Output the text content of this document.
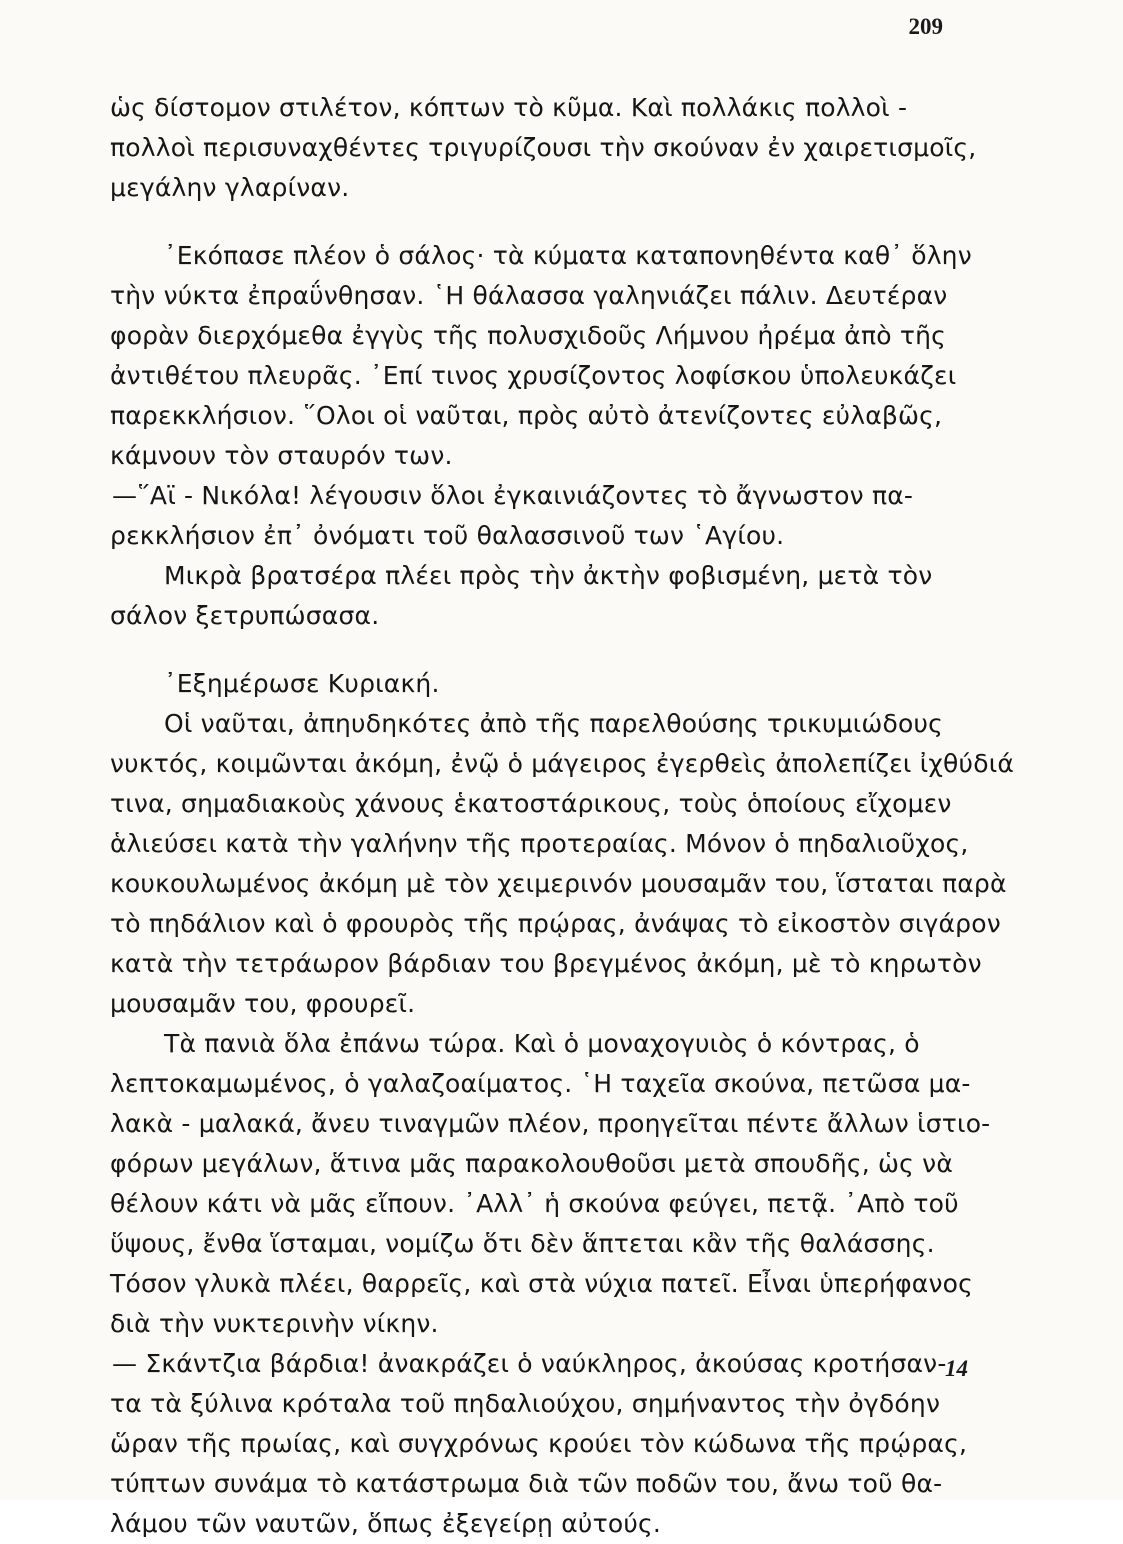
209
ὡς δίστομον στιλέτον, κόπτων τὸ κῦμα. Καὶ πολλάκις πολλοὶ -
πολλοὶ περισυναχθέντες τριγυρίζουσι τὴν σκούναν ἐν χαιρετισμοῖς,
μεγάλην γλαρίναν.
᾿Εκόπασε πλέον ὁ σάλος· τὰ κύματα καταπονηθέντα καθ᾿ ὅλην
τὴν νύκτα ἐπραΰνθησαν. ῾Η θάλασσα γαληνιάζει πάλιν. Δευτέραν
φορὰν διερχόμεθα ἐγγὺς τῆς πολυσχιδοῦς Λήμνου ἠρέμα ἀπὸ τῆς
ἀντιθέτου πλευρᾶς. ᾿Επί τινος χρυσίζοντος λοφίσκου ὑπολευκάζει
παρεκκλήσιον. ῞Ολοι οἱ ναῦται, πρὸς αὐτὸ ἀτενίζοντες εὐλαβῶς,
κάμνουν τὸν σταυρόν των.
—῞Αϊ - Νικόλα! λέγουσιν ὅλοι ἐγκαινιάζοντες τὸ ἄγνωστον πα-
ρεκκλήσιον ἐπ᾿ ὀνόματι τοῦ θαλασσινοῦ των ῾Αγίου.
Μικρὰ βρατσέρα πλέει πρὸς τὴν ἀκτὴν φοβισμένη, μετὰ τὸν
σάλον ξετρυπώσασα.
᾿Εξημέρωσε Κυριακή.
Οἱ ναῦται, ἀπηυδηκότες ἀπὸ τῆς παρελθούσης τρικυμιώδους
νυκτός, κοιμῶνται ἀκόμη, ἐνῷ ὁ μάγειρος ἐγερθεὶς ἀπολεπίζει ἰχθύδιά
τινα, σημαδιακοὺς χάνους ἑκατοστάρικους, τοὺς ὁποίους εἴχομεν
ἁλιεύσει κατὰ τὴν γαλήνην τῆς προτεραίας. Μόνον ὁ πηδαλιοῦχος,
κουκουλωμένος ἀκόμη μὲ τὸν χειμερινόν μουσαμᾶν του, ἵσταται παρὰ
τὸ πηδάλιον καὶ ὁ φρουρὸς τῆς πρῴρας, ἀνάψας τὸ εἰκοστὸν σιγάρον
κατὰ τὴν τετράωρον βάρδιαν του βρεγμένος ἀκόμη, μὲ τὸ κηρωτὸν
μουσαμᾶν του, φρουρεῖ.
Τὰ πανιὰ ὅλα ἐπάνω τώρα. Καὶ ὁ μοναχογυιὸς ὁ κόντρας, ὁ
λεπτοκαμωμένος, ὁ γαλαζοαίματος. ῾Η ταχεῖα σκούνα, πετῶσα μα-
λακὰ - μαλακά, ἄνευ τιναγμῶν πλέον, προηγεῖται πέντε ἄλλων ἱστιο-
φόρων μεγάλων, ἅτινα μᾶς παρακολουθοῦσι μετὰ σπουδῆς, ὡς νὰ
θέλουν κάτι νὰ μᾶς εἴπουν. ᾿Αλλ᾿ ἡ σκούνα φεύγει, πετᾷ. ᾿Απὸ τοῦ
ὕψους, ἔνθα ἵσταμαι, νομίζω ὅτι δὲν ἅπτεται κἂν τῆς θαλάσσης.
Τόσον γλυκὰ πλέει, θαρρεῖς, καὶ στὰ νύχια πατεῖ. Εἶναι ὑπερήφανος
διὰ τὴν νυκτερινὴν νίκην.
— Σκάντζια βάρδια! ἀνακράζει ὁ ναύκληρος, ἀκούσας κροτήσαν-
τα τὰ ξύλινα κρόταλα τοῦ πηδαλιούχου, σημήναντος τὴν ὀγδόην
ὥραν τῆς πρωίας, καὶ συγχρόνως κρούει τὸν κώδωνα τῆς πρῴρας,
τύπτων συνάμα τὸ κατάστρωμα διὰ τῶν ποδῶν του, ἄνω τοῦ θα-
λάμου τῶν ναυτῶν, ὅπως ἐξεγείρῃ αὐτούς.
14
